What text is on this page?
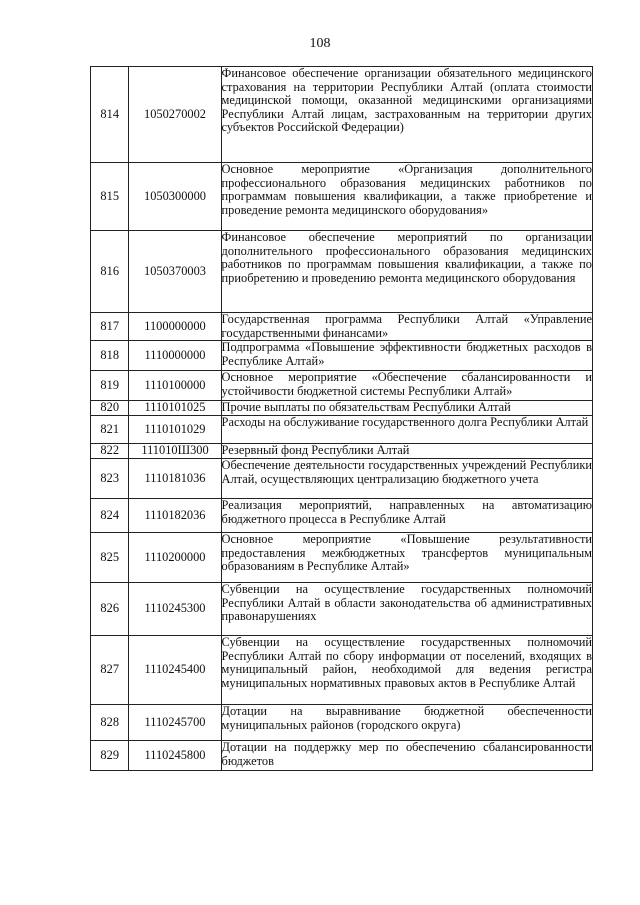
108
814	1050270002	Финансовое обеспечение организации обязательного медицинского страхования на территории Республики Алтай (оплата стоимости медицинской помощи, оказанной медицинскими организациями Республики Алтай лицам, застрахованным на территории других субъектов Российской Федерации)
815	1050300000	Основное мероприятие «Организация дополнительного профессионального образования медицинских работников по программам повышения квалификации, а также приобретение и проведение ремонта медицинского оборудования»
816	1050370003	Финансовое обеспечение мероприятий по организации дополнительного профессионального образования медицинских работников по программам повышения квалификации, а также по приобретению и проведению ремонта медицинского оборудования
817	1100000000	Государственная программа Республики Алтай «Управление государственными финансами»
818	1110000000	Подпрограмма «Повышение эффективности бюджетных расходов в Республике Алтай»
819	1110100000	Основное мероприятие «Обеспечение сбалансированности и устойчивости бюджетной системы Республики Алтай»
820	1110101025	Прочие выплаты по обязательствам Республики Алтай
821	1110101029	Расходы на обслуживание государственного долга Республики Алтай
822	111010Ш300	Резервный фонд Республики Алтай
823	1110181036	Обеспечение деятельности государственных учреждений Республики Алтай, осуществляющих централизацию бюджетного учета
824	1110182036	Реализация мероприятий, направленных на автоматизацию бюджетного процесса в Республике Алтай
825	1110200000	Основное мероприятие «Повышение результативности предоставления межбюджетных трансфертов муниципальным образованиям в Республике Алтай»
826	1110245300	Субвенции на осуществление государственных полномочий Республики Алтай в области законодательства об административных правонарушениях
827	1110245400	Субвенции на осуществление государственных полномочий Республики Алтай по сбору информации от поселений, входящих в муниципальный район, необходимой для ведения регистра муниципальных нормативных правовых актов в Республике Алтай
828	1110245700	Дотации на выравнивание бюджетной обеспеченности муниципальных районов (городского округа)
829	1110245800	Дотации на поддержку мер по обеспечению сбалансированности бюджетов
